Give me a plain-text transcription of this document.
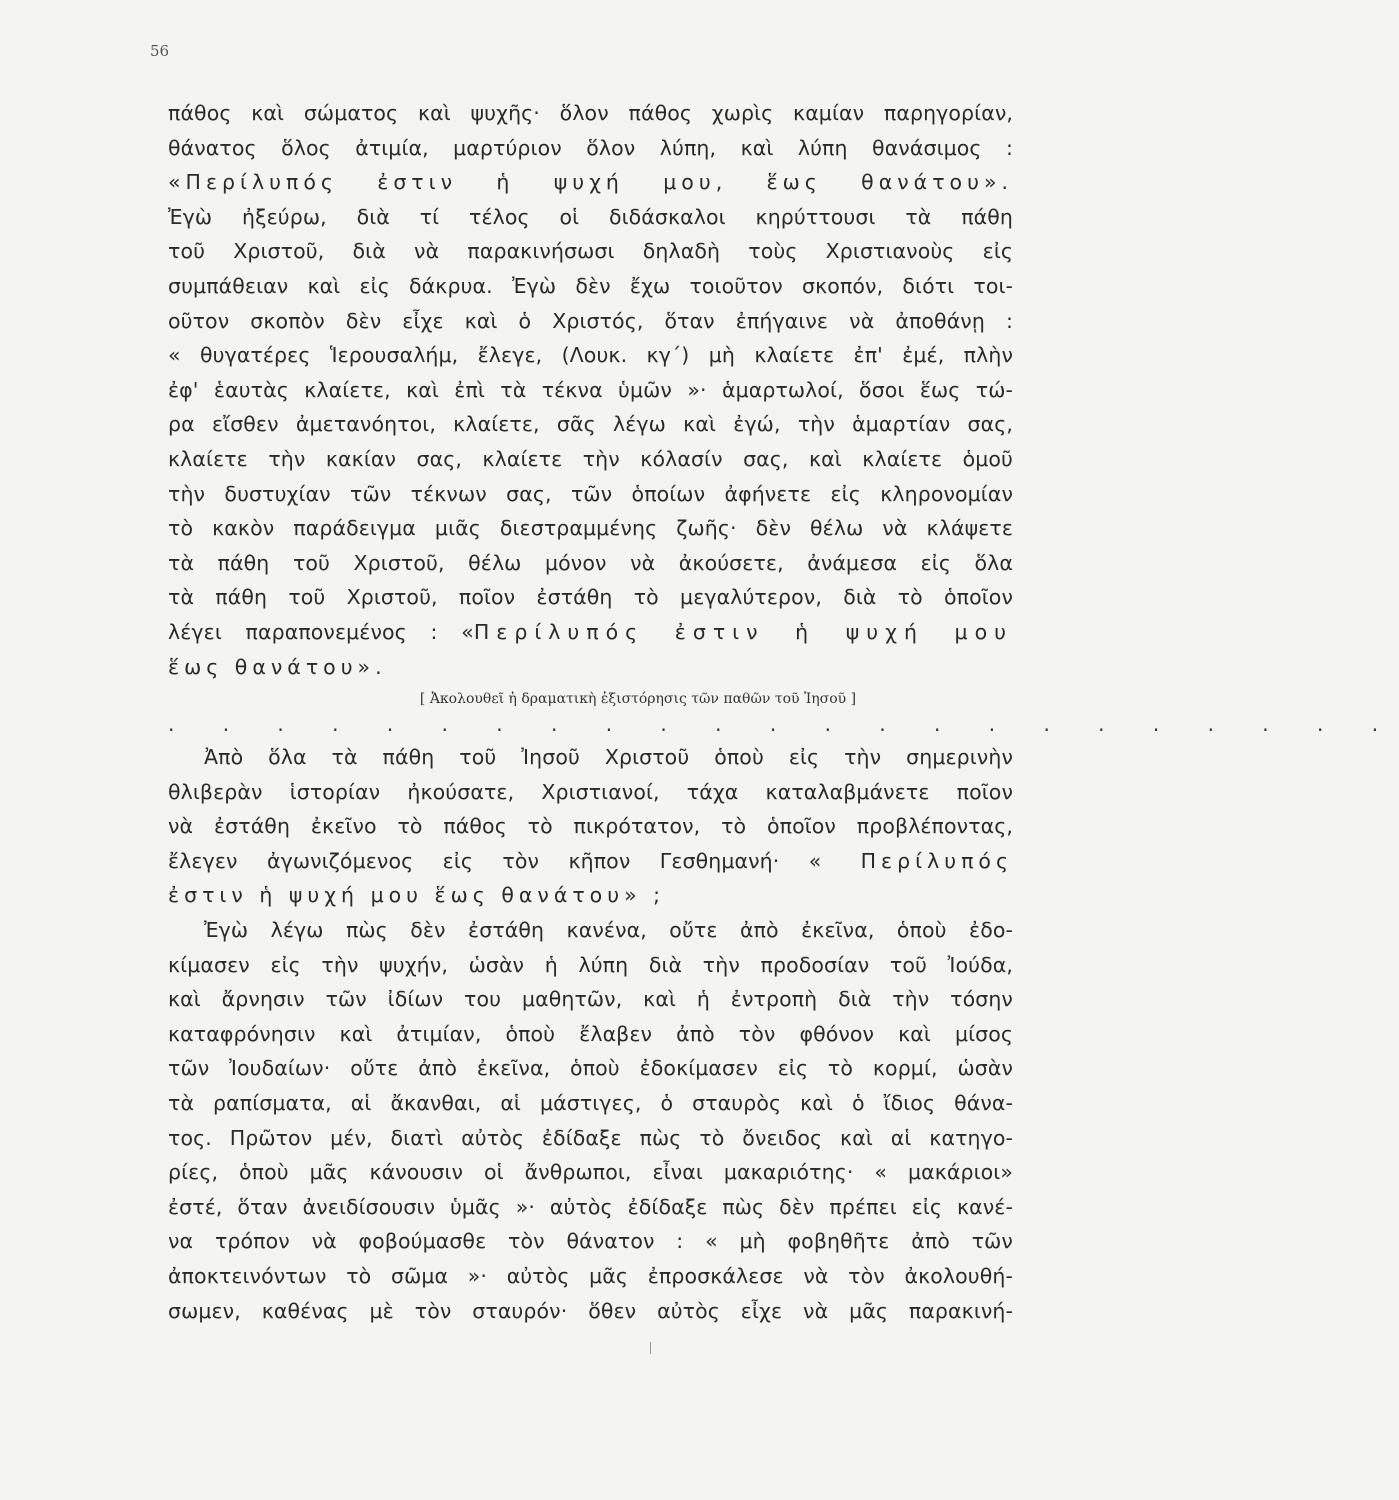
56
πάθος καὶ σώματος καὶ ψυχῆς· ὅλον πάθος χωρὶς καμίαν παρηγορίαν,
θάνατος ὅλος ἀτιμία, μαρτύριον ὅλον λύπη, καὶ λύπη θανάσιμος :
«Περίλυπός ἐστιν ἡ ψυχή μου, ἕως θανάτου».
Ἐγὼ ἠξεύρω, διὰ τί τέλος οἱ διδάσκαλοι κηρύττουσι τὰ πάθη
τοῦ Χριστοῦ, διὰ νὰ παρακινήσωσι δηλαδὴ τοὺς Χριστιανοὺς εἰς
συμπάθειαν καὶ εἰς δάκρυα. Ἐγὼ δὲν ἔχω τοιοῦτον σκοπόν, διότι τοι-
οῦτον σκοπὸν δὲν εἶχε καὶ ὁ Χριστός, ὅταν ἐπήγαινε νὰ ἀποθάνῃ :
« θυγατέρες Ἱερουσαλήμ, ἔλεγε, (Λουκ. κγ΄) μὴ κλαίετε ἐπ' ἐμέ, πλὴν
ἐφ' ἑαυτὰς κλαίετε, καὶ ἐπὶ τὰ τέκνα ὑμῶν »· ἁμαρτωλοί, ὅσοι ἕως τώ-
ρα εἴσθεν ἀμετανόητοι, κλαίετε, σᾶς λέγω καὶ ἐγώ, τὴν ἁμαρτίαν σας,
κλαίετε τὴν κακίαν σας, κλαίετε τὴν κόλασίν σας, καὶ κλαίετε ὁμοῦ
τὴν δυστυχίαν τῶν τέκνων σας, τῶν ὁποίων ἀφήνετε εἰς κληρονομίαν
τὸ κακὸν παράδειγμα μιᾶς διεστραμμένης ζωῆς· δὲν θέλω νὰ κλάψετε
τὰ πάθη τοῦ Χριστοῦ, θέλω μόνον νὰ ἀκούσετε, ἀνάμεσα εἰς ὅλα
τὰ πάθη τοῦ Χριστοῦ, ποῖον ἐστάθη τὸ μεγαλύτερον, διὰ τὸ ὁποῖον
λέγει παραπονεμένος : «Περίλυπός ἐστιν ἡ ψυχή μου
ἕως θανάτου».
[ Ἀκολουθεῖ ἡ δραματικὴ ἐξιστόρησις τῶν παθῶν τοῦ Ἰησοῦ ]
. . . . . . . . . . . . . . . . . . . . . . .
Ἀπὸ ὅλα τὰ πάθη τοῦ Ἰησοῦ Χριστοῦ ὁποὺ εἰς τὴν σημερινὴν
θλιβερὰν ἱστορίαν ἠκούσατε, Χριστιανοί, τάχα καταλαβμάνετε ποῖον
νὰ ἐστάθη ἐκεῖνο τὸ πάθος τὸ πικρότατον, τὸ ὁποῖον προβλέποντας,
ἔλεγεν ἀγωνιζόμενος εἰς τὸν κῆπον Γεσθημανή· « Περίλυπός
ἐστιν ἡ ψυχή μου ἕως θανάτου» ;
Ἐγὼ λέγω πὼς δὲν ἐστάθη κανένα, οὔτε ἀπὸ ἐκεῖνα, ὁποὺ ἐδο-
κίμασεν εἰς τὴν ψυχήν, ὡσὰν ἡ λύπη διὰ τὴν προδοσίαν τοῦ Ἰούδα,
καὶ ἄρνησιν τῶν ἰδίων του μαθητῶν, καὶ ἡ ἐντροπὴ διὰ τὴν τόσην
καταφρόνησιν καὶ ἀτιμίαν, ὁποὺ ἔλαβεν ἀπὸ τὸν φθόνον καὶ μίσος
τῶν Ἰουδαίων· οὔτε ἀπὸ ἐκεῖνα, ὁποὺ ἐδοκίμασεν εἰς τὸ κορμί, ὡσὰν
τὰ ραπίσματα, αἱ ἄκανθαι, αἱ μάστιγες, ὁ σταυρὸς καὶ ὁ ἴδιος θάνα-
τος. Πρῶτον μέν, διατὶ αὐτὸς ἐδίδαξε πὼς τὸ ὄνειδος καὶ αἱ κατηγο-
ρίες, ὁποὺ μᾶς κάνουσιν οἱ ἄνθρωποι, εἶναι μακαριότης· « μακάριοι»
ἐστέ, ὅταν ἀνειδίσουσιν ὑμᾶς »· αὐτὸς ἐδίδαξε πὼς δὲν πρέπει εἰς κανέ-
να τρόπον νὰ φοβούμασθε τὸν θάνατον : « μὴ φοβηθῆτε ἀπὸ τῶν
ἀποκτεινόντων τὸ σῶμα »· αὐτὸς μᾶς ἐπροσκάλεσε νὰ τὸν ἀκολουθή-
σωμεν, καθένας μὲ τὸν σταυρόν· ὅθεν αὐτὸς εἶχε νὰ μᾶς παρακινή-
